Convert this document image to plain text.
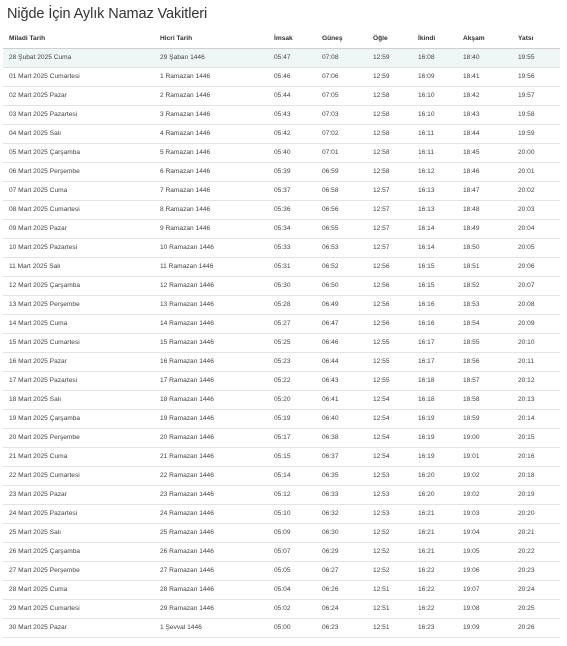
Niğde İçin Aylık Namaz Vakitleri
Miladi Tarih	Hicri Tarih	İmsak	Güneş	Öğle	İkindi	Akşam	Yatsı
28 Şubat 2025 Cuma	29 Şaban 1446	05:47	07:08	12:59	16:08	18:40	19:55
01 Mart 2025 Cumartesi	1 Ramazan 1446	05:46	07:06	12:59	16:09	18:41	19:56
02 Mart 2025 Pazar	2 Ramazan 1446	05:44	07:05	12:58	16:10	18:42	19:57
03 Mart 2025 Pazartesi	3 Ramazan 1446	05:43	07:03	12:58	16:10	18:43	19:58
04 Mart 2025 Salı	4 Ramazan 1446	05:42	07:02	12:58	16:11	18:44	19:59
05 Mart 2025 Çarşamba	5 Ramazan 1446	05:40	07:01	12:58	16:11	18:45	20:00
06 Mart 2025 Perşembe	6 Ramazan 1446	05:39	06:59	12:58	16:12	18:46	20:01
07 Mart 2025 Cuma	7 Ramazan 1446	05:37	06:58	12:57	16:13	18:47	20:02
08 Mart 2025 Cumartesi	8 Ramazan 1446	05:36	06:56	12:57	16:13	18:48	20:03
09 Mart 2025 Pazar	9 Ramazan 1446	05:34	06:55	12:57	16:14	18:49	20:04
10 Mart 2025 Pazartesi	10 Ramazan 1446	05:33	06:53	12:57	16:14	18:50	20:05
11 Mart 2025 Salı	11 Ramazan 1446	05:31	06:52	12:56	16:15	18:51	20:06
12 Mart 2025 Çarşamba	12 Ramazan 1446	05:30	06:50	12:56	16:15	18:52	20:07
13 Mart 2025 Perşembe	13 Ramazan 1446	05:28	06:49	12:56	16:16	18:53	20:08
14 Mart 2025 Cuma	14 Ramazan 1446	05:27	06:47	12:56	16:16	18:54	20:09
15 Mart 2025 Cumartesi	15 Ramazan 1446	05:25	06:46	12:55	16:17	18:55	20:10
16 Mart 2025 Pazar	16 Ramazan 1446	05:23	06:44	12:55	16:17	18:56	20:11
17 Mart 2025 Pazartesi	17 Ramazan 1446	05:22	06:43	12:55	16:18	18:57	20:12
18 Mart 2025 Salı	18 Ramazan 1446	05:20	06:41	12:54	16:18	18:58	20:13
19 Mart 2025 Çarşamba	19 Ramazan 1446	05:19	06:40	12:54	16:19	18:59	20:14
20 Mart 2025 Perşembe	20 Ramazan 1446	05:17	06:38	12:54	16:19	19:00	20:15
21 Mart 2025 Cuma	21 Ramazan 1446	05:15	06:37	12:54	16:19	19:01	20:16
22 Mart 2025 Cumartesi	22 Ramazan 1446	05:14	06:35	12:53	16:20	19:02	20:18
23 Mart 2025 Pazar	23 Ramazan 1446	05:12	06:33	12:53	16:20	19:02	20:19
24 Mart 2025 Pazartesi	24 Ramazan 1446	05:10	06:32	12:53	16:21	19:03	20:20
25 Mart 2025 Salı	25 Ramazan 1446	05:09	06:30	12:52	16:21	19:04	20:21
26 Mart 2025 Çarşamba	26 Ramazan 1446	05:07	06:29	12:52	16:21	19:05	20:22
27 Mart 2025 Perşembe	27 Ramazan 1446	05:05	06:27	12:52	16:22	19:06	20:23
28 Mart 2025 Cuma	28 Ramazan 1446	05:04	06:26	12:51	16:22	19:07	20:24
29 Mart 2025 Cumartesi	29 Ramazan 1446	05:02	06:24	12:51	16:22	19:08	20:25
30 Mart 2025 Pazar	1 Şevval 1446	05:00	06:23	12:51	16:23	19:09	20:26
